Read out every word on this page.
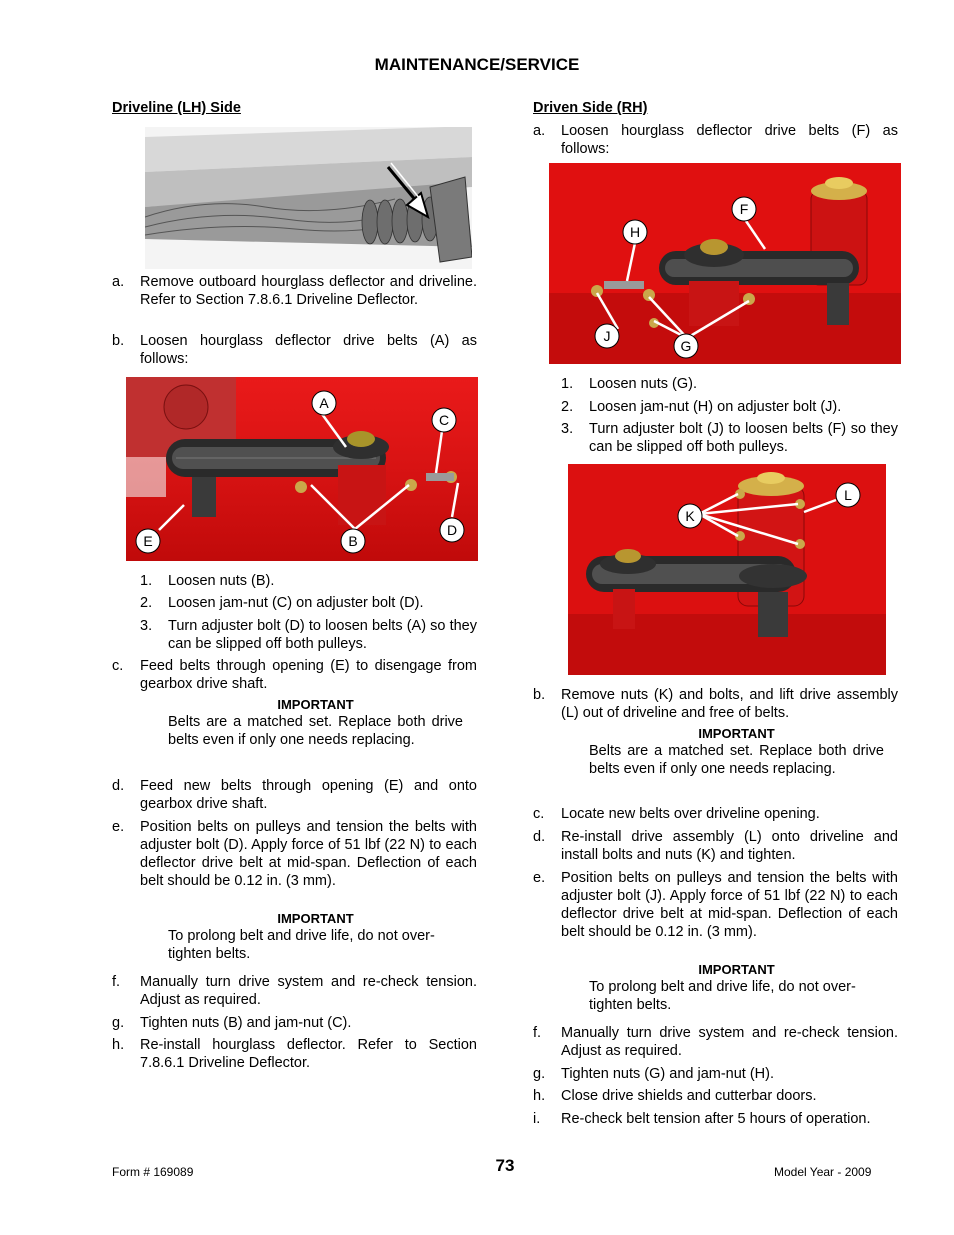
MAINTENANCE/SERVICE
Driveline (LH) Side
a. Remove outboard hourglass deflector and driveline. Refer to Section 7.8.6.1 Driveline Deflector.
b. Loosen hourglass deflector drive belts (A) as follows:
A
C
B
D
E
1. Loosen nuts (B).
2. Loosen jam-nut (C) on adjuster bolt (D).
3. Turn adjuster bolt (D) to loosen belts (A) so they can be slipped off both pulleys.
c. Feed belts through opening (E) to disengage from gearbox drive shaft.
IMPORTANT
Belts are a matched set. Replace both drive belts even if only one needs replacing.
d. Feed new belts through opening (E) and onto gearbox drive shaft.
e. Position belts on pulleys and tension the belts with adjuster bolt (D). Apply force of 51 lbf (22 N) to each deflector drive belt at mid-span. Deflection of each belt should be 0.12 in. (3 mm).
IMPORTANT
To prolong belt and drive life, do not over-tighten belts.
f. Manually turn drive system and re-check tension. Adjust as required.
g. Tighten nuts (B) and jam-nut (C).
h. Re-install hourglass deflector. Refer to Section 7.8.6.1 Driveline Deflector.
Driven Side (RH)
a. Loosen hourglass deflector drive belts (F) as follows:
F
H
J
G
1. Loosen nuts (G).
2. Loosen jam-nut (H) on adjuster bolt (J).
3. Turn adjuster bolt (J) to loosen belts (F) so they can be slipped off both pulleys.
K
L
b. Remove nuts (K) and bolts, and lift drive assembly (L) out of driveline and free of belts.
IMPORTANT
Belts are a matched set. Replace both drive belts even if only one needs replacing.
c. Locate new belts over driveline opening.
d. Re-install drive assembly (L) onto driveline and install bolts and nuts (K) and tighten.
e. Position belts on pulleys and tension the belts with adjuster bolt (J). Apply force of 51 lbf (22 N) to each deflector drive belt at mid-span. Deflection of each belt should be 0.12 in. (3 mm).
IMPORTANT
To prolong belt and drive life, do not over-tighten belts.
f. Manually turn drive system and re-check tension. Adjust as required.
g. Tighten nuts (G) and jam-nut (H).
h. Close drive shields and cutterbar doors.
i. Re-check belt tension after 5 hours of operation.
Form # 169089	73	Model Year - 2009
